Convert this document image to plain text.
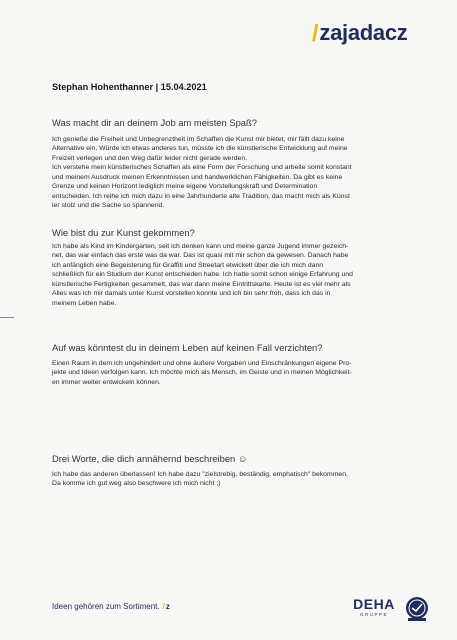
/ zajadacz
Stephan Hohenthanner | 15.04.2021
Was macht dir an deinem Job am meisten Spaß?

Ich genieße die Freiheit und Unbegrenztheit im Schaffen die Kunst mir bietet, mir fällt dazu keine

Alternative ein. Würde ich etwas anderes tun, müsste ich die künstlerische Entwicklung auf meine

Freizeit verlegen und den Weg dafür leider nicht gerade werden.

Ich verstehe mein künstlerisches Schaffen als eine Form der Forschung und arbeite somit konstant

und meinem Ausdruck meinen Erkenntnissen und handwerklichen Fähigkeiten. Da gibt es keine

Grenze und keinen Horizont lediglich meine eigene Vorstellungskraft und Determination

entscheiden. Ich reihe ich mich dazu in eine Jahrhunderte alte Tradition, das macht mich als Künst

ler stolz und die Sache so spannend.

Wie bist du zur Kunst gekommen?

Ich habe als Kind im Kindergarten, seit ich denken kann und meine ganze Jugend immer gezeich-

net, das war einfach das erste was da war. Das ist quasi mit mir schon da gewesen. Danach habe

ich anfänglich eine Begeisterung für Graffiti und Streetart etwickelt über die ich mich dann

schließlich für ein Studium der Kunst entschieden habe. Ich hatte somit schon einige Erfahrung und

künstlerische Fertigkeiten gesammelt, das war dann meine Eintrittskarte. Heute ist es viel mehr als

Alles was ich mir damals unter Kunst vorstellen konnte und ich bin sehr froh, dass ich das in

meinem Leben habe.

Auf was könntest du in deinem Leben auf keinen Fall verzichten?

Einen Raum in dem ich ungehindert und ohne äußere Vorgaben und Einschränkungen eigene Pro-

jekte und Ideen verfolgen kann. Ich möchte mich als Mensch, im Geiste und in meinen Möglichkeit-

en immer weiter entwickeln können.

Drei Worte, die dich annähernd beschreiben ☺

Ich habe das anderen überlassen! Ich habe dazu "zielstrebig, beständig, emphatisch" bekommen.

Da komme ich gut weg also beschwere ich mich nicht ;)

Ideen gehören zum Sortiment. / z	DEHA
GRUPPE
